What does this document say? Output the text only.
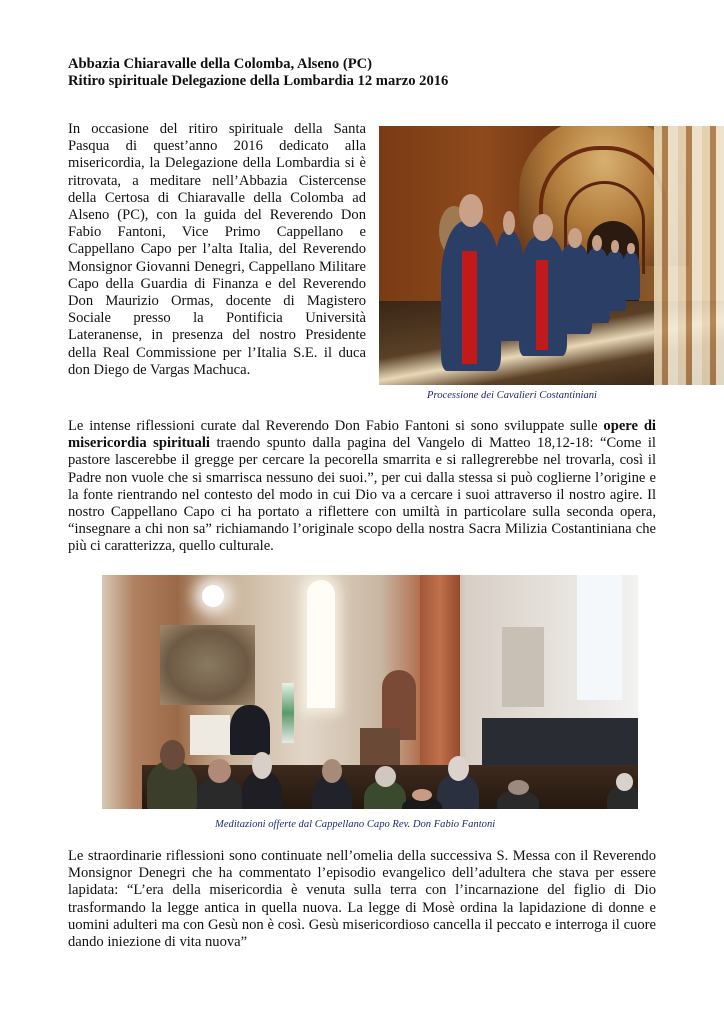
Abbazia Chiaravalle della Colomba, Alseno (PC)
Ritiro spirituale Delegazione della Lombardia 12 marzo 2016
In occasione del ritiro spirituale della Santa Pasqua di quest’anno 2016 dedicato alla misericordia, la Delegazione della Lombardia si è ritrovata, a meditare nell’Abbazia Cistercense della Certosa di Chiaravalle della Colomba ad Alseno (PC), con la guida del Reverendo Don Fabio Fantoni, Vice Primo Cappellano e Cappellano Capo per l’alta Italia, del Reverendo Monsignor Giovanni Denegri, Cappellano Militare Capo della Guardia di Finanza e del Reverendo Don Maurizio Ormas, docente di Magistero Sociale presso la Pontificia Università Lateranense, in presenza del nostro Presidente della Real Commissione per l’Italia S.E. il duca don Diego de Vargas Machuca.
Processione dei Cavalieri Costantiniani
Le intense riflessioni curate dal Reverendo Don Fabio Fantoni si sono sviluppate sulle opere di misericordia spirituali traendo spunto dalla pagina del Vangelo di Matteo 18,12-18: “Come il pastore lascerebbe il gregge per cercare la pecorella smarrita e si rallegrerebbe nel trovarla, così il Padre non vuole che si smarrisca nessuno dei suoi.”, per cui dalla stessa si può coglierne l’origine e la fonte rientrando nel contesto del modo in cui Dio va a cercare i suoi attraverso il nostro agire. Il nostro Cappellano Capo ci ha portato a riflettere con umiltà in particolare sulla seconda opera, “insegnare a chi non sa” richiamando l’originale scopo della nostra Sacra Milizia Costantiniana che più ci caratterizza, quello culturale.
Meditazioni offerte dal Cappellano Capo Rev. Don Fabio Fantoni
Le straordinarie riflessioni sono continuate nell’omelia della successiva S. Messa con il Reverendo Monsignor Denegri che ha commentato l’episodio evangelico dell’adultera che stava per essere lapidata: “L’era della misericordia è venuta sulla terra con l’incarnazione del figlio di Dio trasformando la legge antica in quella nuova. La legge di Mosè ordina la lapidazione di donne e uomini adulteri ma con Gesù non è così. Gesù misericordioso cancella il peccato e interroga il cuore dando iniezione di vita nuova”
